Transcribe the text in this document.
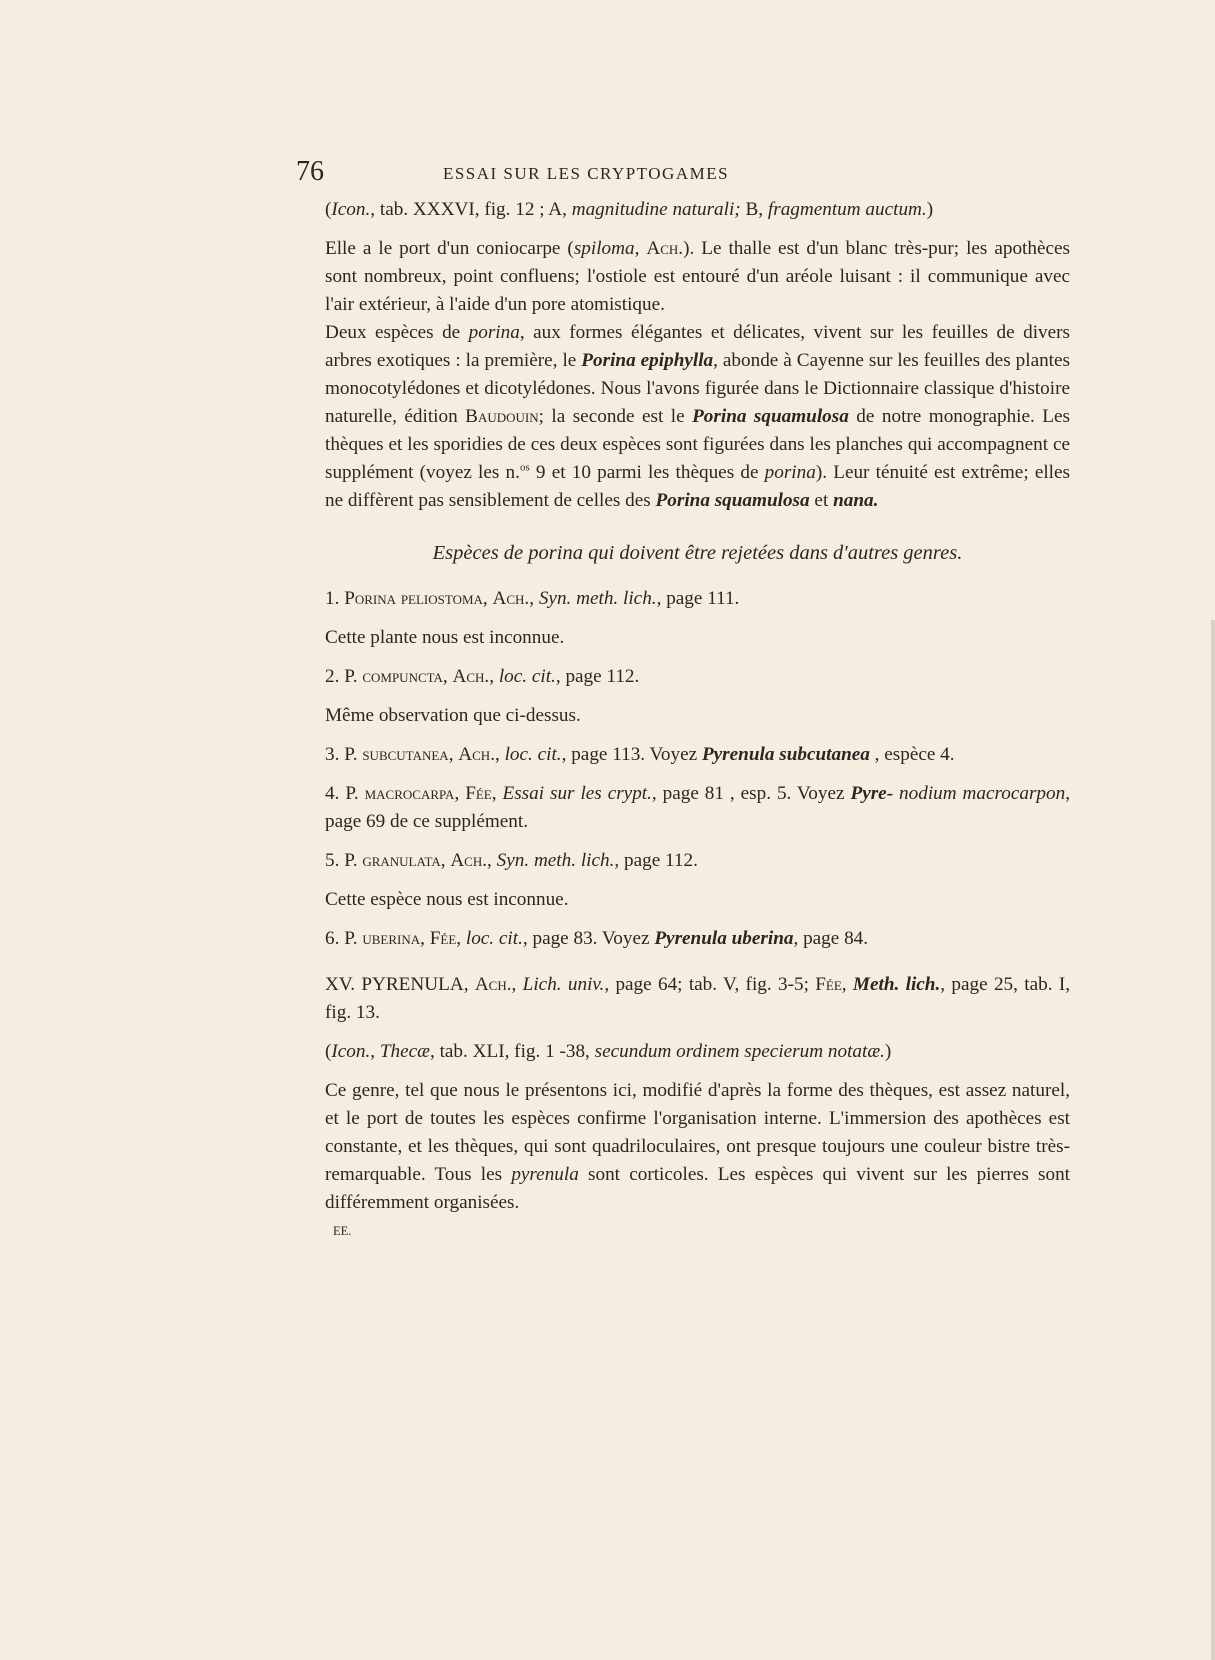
76	ESSAI SUR LES CRYPTOGAMES

(Icon., tab. XXXVI, fig. 12 ; A, magnitudine naturali; B, fragmentum auctum.)

Elle a le port d'un coniocarpe (spiloma, Ach.). Le thalle est d'un blanc très-pur; les apothèces sont nombreux, point confluens; l'ostiole est entouré d'un aréole luisant : il communique avec l'air extérieur, à l'aide d'un pore atomistique.

Deux espèces de porina, aux formes élégantes et délicates, vivent sur les feuilles de divers arbres exotiques : la première, le Porina epiphylla, abonde à Cayenne sur les feuilles des plantes monocotylédones et dicotylédones. Nous l'avons figurée dans le Dictionnaire classique d'histoire naturelle, édition Baudouin; la seconde est le Porina squamulosa de notre monographie. Les thèques et les sporidies de ces deux espèces sont figurées dans les planches qui accompagnent ce supplément (voyez les n.$^{os}$ 9 et 10 parmi les thèques de porina). Leur ténuité est extrême; elles ne diffèrent pas sensiblement de celles des Porina squamulosa et nana.

Espèces de porina qui doivent être rejetées dans d'autres genres.

1. Porina peliostoma, Ach., Syn. meth. lich., page 111.

Cette plante nous est inconnue.

2. P. compuncta, Ach., loc. cit., page 112.

Même observation que ci-dessus.

3. P. subcutanea, Ach., loc. cit., page 113. Voyez Pyrenula subcutanea , espèce 4.

4. P. macrocarpa, Fée, Essai sur les crypt., page 81 , esp. 5. Voyez Pyre- nodium macrocarpon, page 69 de ce supplément.

5. P. granulata, Ach., Syn. meth. lich., page 112.

Cette espèce nous est inconnue.

6. P. uberina, Fée, loc. cit., page 83. Voyez Pyrenula uberina, page 84.

XV. PYRENULA, Ach., Lich. univ., page 64; tab. V, fig. 3-5; Fée, Meth. lich., page 25, tab. I, fig. 13.

(Icon., Thecæ, tab. XLI, fig. 1 -38, secundum ordinem specierum notatæ.)

Ce genre, tel que nous le présentons ici, modifié d'après la forme des thèques, est assez naturel, et le port de toutes les espèces confirme l'organisation interne. L'immersion des apothèces est constante, et les thèques, qui sont quadriloculaires, ont presque toujours une couleur bistre très-remarquable. Tous les pyrenula sont corticoles. Les espèces qui vivent sur les pierres sont différemment organisées.

EE.
